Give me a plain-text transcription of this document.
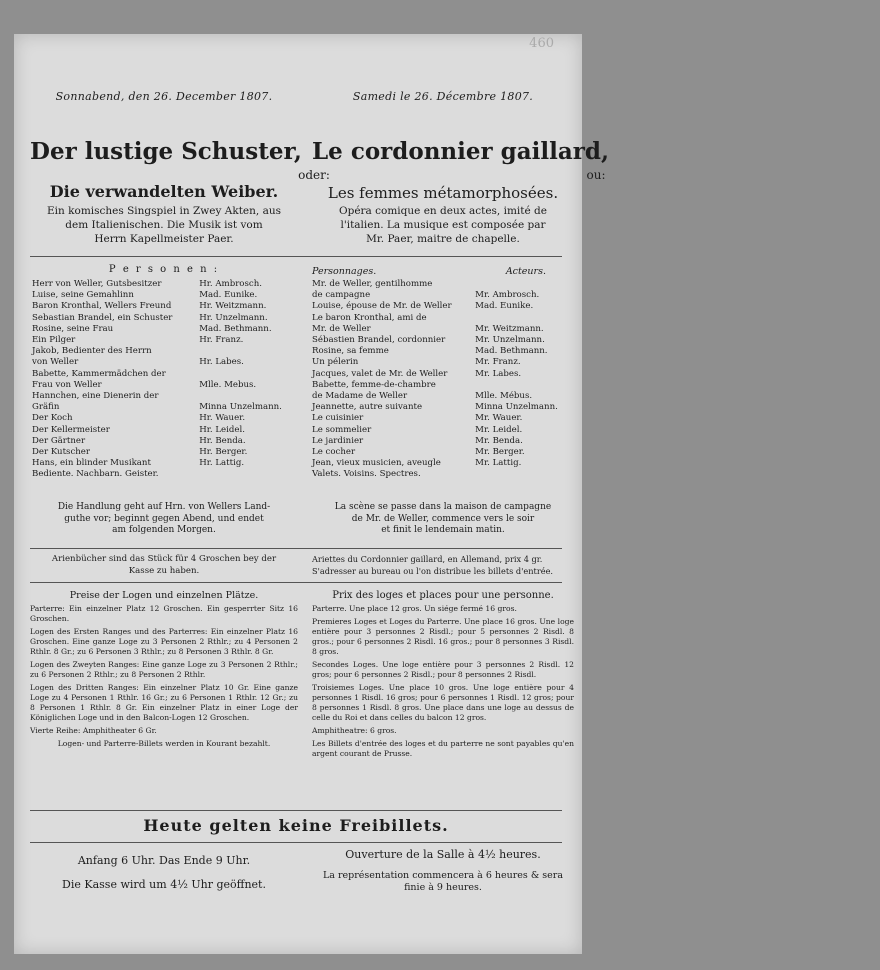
460
Sonnabend, den 26. December 1807.	Samedi le 26. Décembre 1807.
Der lustige Schuster, Le cordonnier gaillard,
oder:	ou:
Die verwandelten Weiber.	Les femmes métamorphosées.
Ein komisches Singspiel in Zwey Akten, aus
dem Italienischen. Die Musik ist vom
Herrn Kapellmeister Paer.
Opéra comique en deux actes, imité de
l'italien. La musique est composée par
Mr. Paer, maitre de chapelle.
P e r s o n e n :	Personnages.	Acteurs.
Herr von Weller, Gutsbesitzer	Hr. Ambrosch.
Luise, seine Gemahlinn	Mad. Eunike.
Baron Kronthal, Wellers Freund	Hr. Weitzmann.
Sebastian Brandel, ein Schuster	Hr. Unzelmann.
Rosine, seine Frau	Mad. Bethmann.
Ein Pilger	Hr. Franz.
Jakob, Bedienter des Herrn	
von Weller	Hr. Labes.
Babette, Kammermädchen der	
Frau von Weller	Mlle. Mebus.
Hannchen, eine Dienerin der	
Gräfin	Minna Unzelmann.
Der Koch	Hr. Wauer.
Der Kellermeister	Hr. Leidel.
Der Gärtner	Hr. Benda.
Der Kutscher	Hr. Berger.
Hans, ein blinder Musikant	Hr. Lattig.
Bediente. Nachbarn. Geister.	
Mr. de Weller, gentilhomme	
de campagne	Mr. Ambrosch.
Louise, épouse de Mr. de Weller	Mad. Eunike.
Le baron Kronthal, ami de	
Mr. de Weller	Mr. Weitzmann.
Sébastien Brandel, cordonnier	Mr. Unzelmann.
Rosine, sa femme	Mad. Bethmann.
Un pélerin	Mr. Franz.
Jacques, valet de Mr. de Weller	Mr. Labes.
Babette, femme-de-chambre	
de Madame de Weller	Mlle. Mébus.
Jeannette, autre suivante	Minna Unzelmann.
Le cuisinier	Mr. Wauer.
Le sommelier	Mr. Leidel.
Le jardinier	Mr. Benda.
Le cocher	Mr. Berger.
Jean, vieux musicien, aveugle	Mr. Lattig.
Valets. Voisins. Spectres.	
Die Handlung geht auf Hrn. von Wellers Land-
guthe vor; beginnt gegen Abend, und endet
am folgenden Morgen.
La scène se passe dans la maison de campagne
de Mr. de Weller, commence vers le soir
et finit le lendemain matin.
Arienbücher sind das Stück für 4 Groschen bey der
Kasse zu haben.
Ariettes du Cordonnier gaillard, en Allemand, prix 4 gr.
S'adresser au bureau ou l'on distribue les billets d'entrée.
Preise der Logen und einzelnen Plätze.	Prix des loges et places pour une personne.
Parterre: Ein einzelner Platz 12 Groschen. Ein gesperrter Sitz 16 Groschen.
Logen des Ersten Ranges und des Parterres: Ein einzelner Platz 16 Groschen. Eine ganze Loge zu 3 Personen 2 Rthlr.; zu 4 Personen 2 Rthlr. 8 Gr.; zu 6 Personen 3 Rthlr.; zu 8 Personen 3 Rthlr. 8 Gr.
Logen des Zweyten Ranges: Eine ganze Loge zu 3 Personen 2 Rthlr.; zu 6 Personen 2 Rthlr.; zu 8 Personen 2 Rthlr.
Logen des Dritten Ranges: Ein einzelner Platz 10 Gr. Eine ganze Loge zu 4 Personen 1 Rthlr. 16 Gr.; zu 6 Personen 1 Rthlr. 12 Gr.; zu 8 Personen 1 Rthlr. 8 Gr. Ein einzelner Platz in einer Loge der Königlichen Loge und in den Balcon-Logen 12 Groschen.
Vierte Reihe: Amphitheater 6 Gr.
Logen- und Parterre-Billets werden in Kourant bezahlt.
Parterre. Une place 12 gros. Un siége fermé 16 gros.
Premieres Loges et Loges du Parterre. Une place 16 gros. Une loge entière pour 3 personnes 2 Risdl.; pour 5 personnes 2 Risdl. 8 gros.; pour 6 personnes 2 Risdl. 16 gros.; pour 8 personnes 3 Risdl. 8 gros.
Secondes Loges. Une loge entière pour 3 personnes 2 Risdl. 12 gros; pour 6 personnes 2 Risdl.; pour 8 personnes 2 Risdl.
Troisiemes Loges. Une place 10 gros. Une loge entière pour 4 personnes 1 Risdl. 16 gros; pour 6 personnes 1 Risdl. 12 gros; pour 8 personnes 1 Risdl. 8 gros. Une place dans une loge au dessus de celle du Roi et dans celles du balcon 12 gros.
Amphitheatre: 6 gros.
Les Billets d'entrée des loges et du parterre ne sont payables qu'en argent courant de Prusse.
Heute gelten keine Freibillets.
Anfang 6 Uhr. Das Ende 9 Uhr.	Ouverture de la Salle à 4½ heures.
Die Kasse wird um 4½ Uhr geöffnet.
La représentation commencera à 6 heures & sera
finie à 9 heures.
